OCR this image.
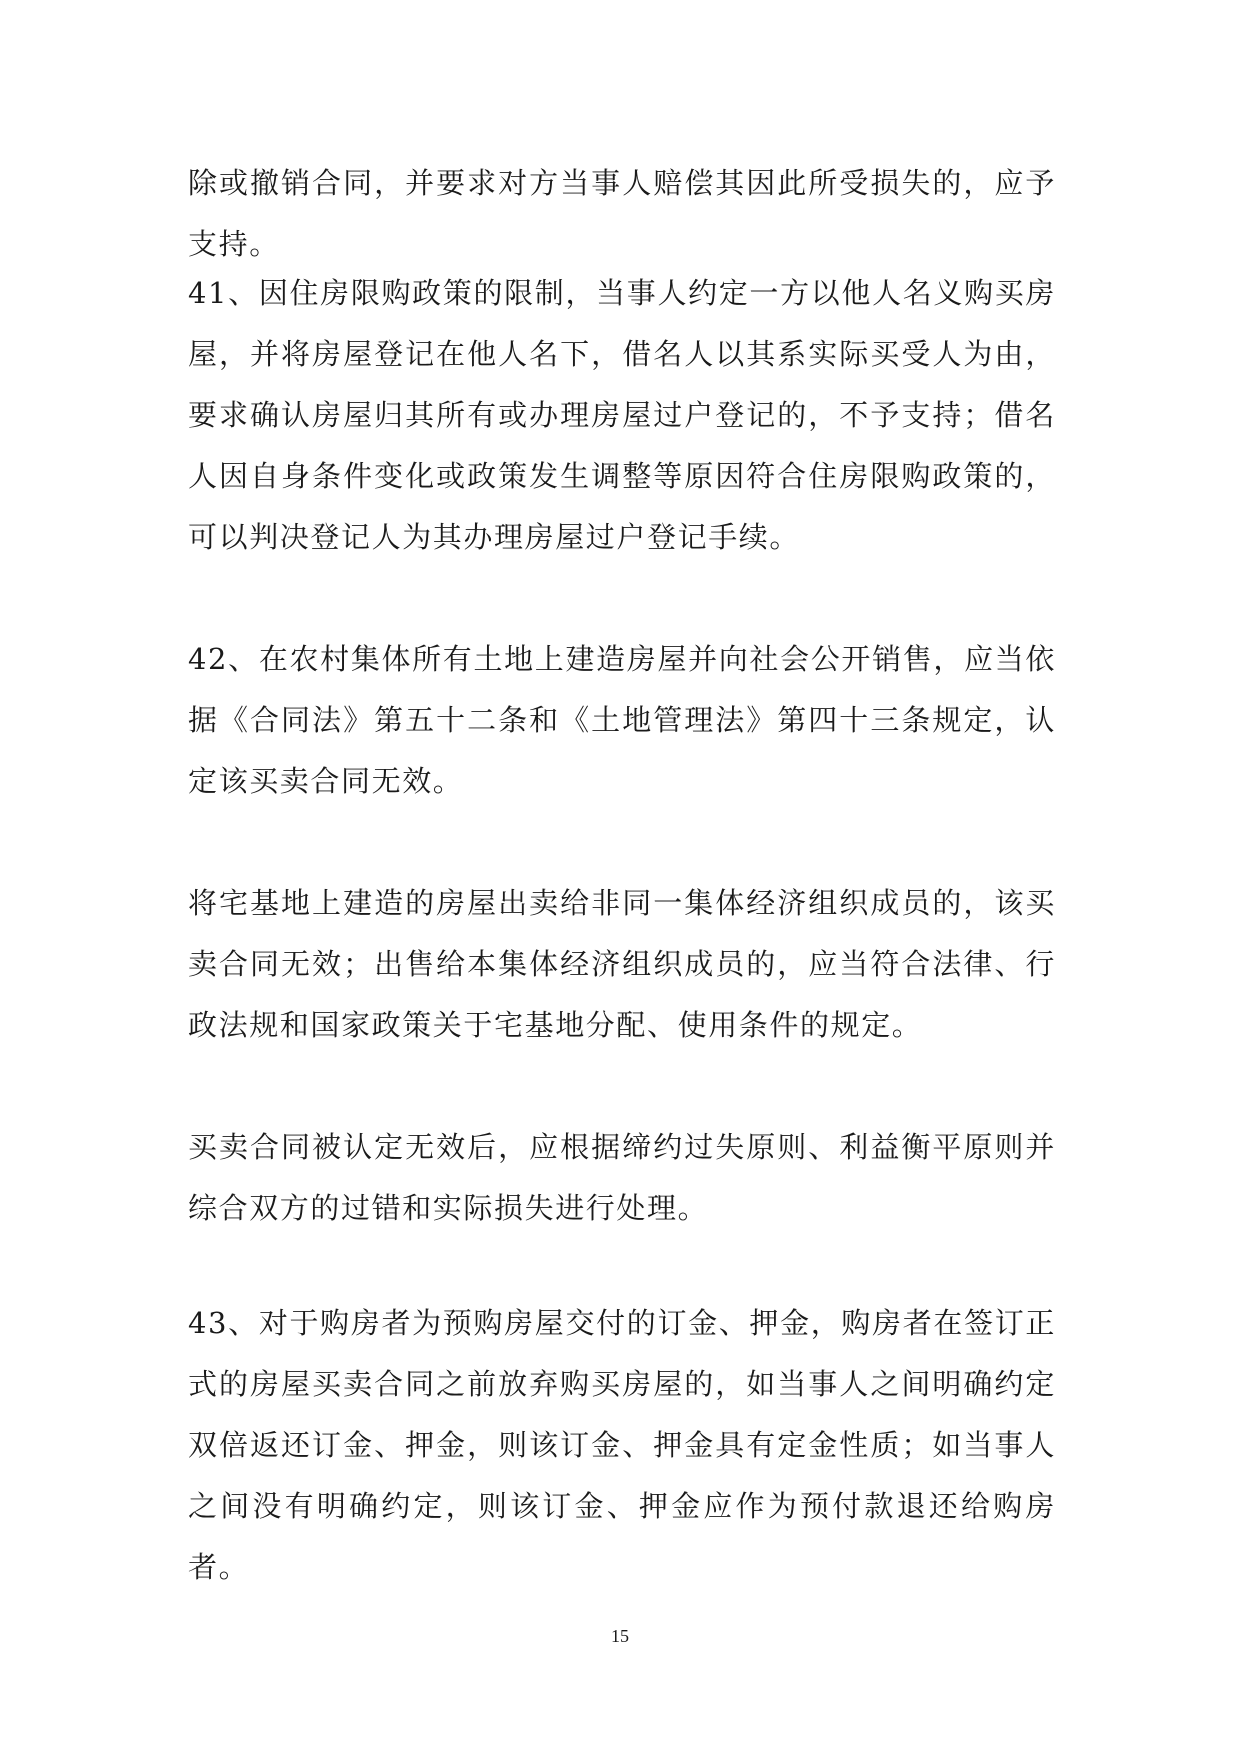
除或撤销合同，并要求对方当事人赔偿其因此所受损失的，应予支持。

41、因住房限购政策的限制，当事人约定一方以他人名义购买房屋，并将房屋登记在他人名下，借名人以其系实际买受人为由，要求确认房屋归其所有或办理房屋过户登记的，不予支持；借名人因自身条件变化或政策发生调整等原因符合住房限购政策的，可以判决登记人为其办理房屋过户登记手续。

42、在农村集体所有土地上建造房屋并向社会公开销售，应当依据《合同法》第五十二条和《土地管理法》第四十三条规定，认定该买卖合同无效。

将宅基地上建造的房屋出卖给非同一集体经济组织成员的，该买卖合同无效；出售给本集体经济组织成员的，应当符合法律、行政法规和国家政策关于宅基地分配、使用条件的规定。

买卖合同被认定无效后，应根据缔约过失原则、利益衡平原则并综合双方的过错和实际损失进行处理。

43、对于购房者为预购房屋交付的订金、押金，购房者在签订正式的房屋买卖合同之前放弃购买房屋的，如当事人之间明确约定双倍返还订金、押金，则该订金、押金具有定金性质；如当事人之间没有明确约定，则该订金、押金应作为预付款退还给购房者。

15
